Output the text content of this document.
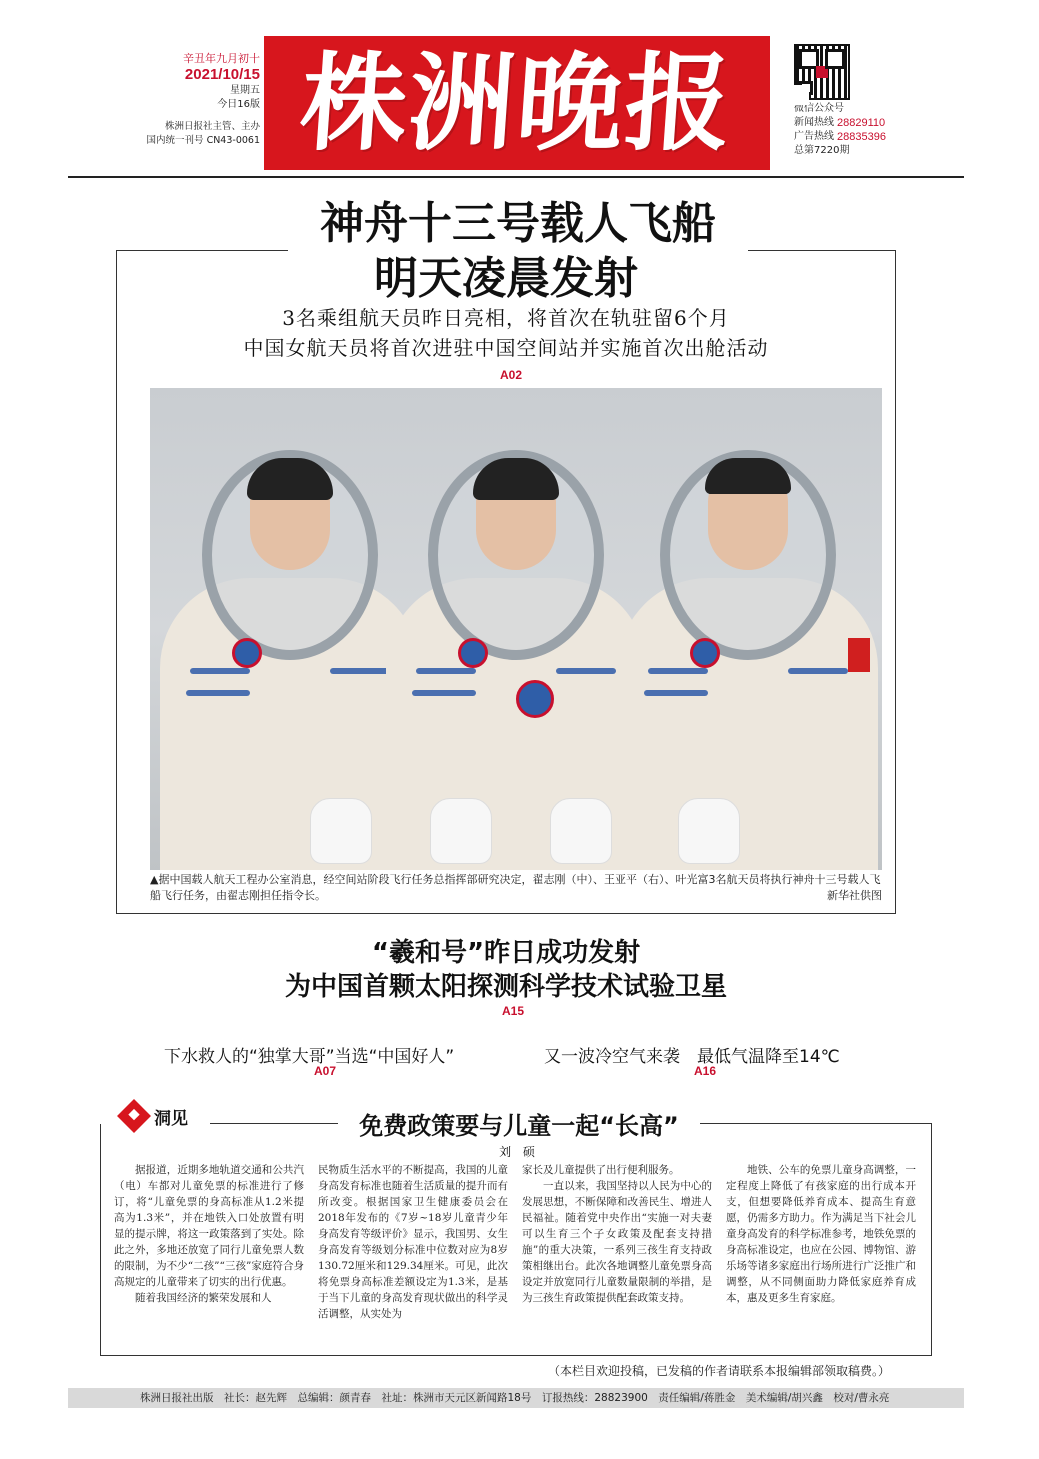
辛丑年九月初十
2021/10/15
星期五
今日16版
株洲日报社主管、主办
国内统一刊号 CN43-0061 株洲晚报	微信公众号
新闻热线 28829110
广告热线 28835396
总第7220期
神舟十三号载人飞船
明天凌晨发射
3名乘组航天员昨日亮相，将首次在轨驻留6个月
中国女航天员将首次进驻中国空间站并实施首次出舱活动
A02
▲据中国载人航天工程办公室消息，经空间站阶段飞行任务总指挥部研究决定，翟志刚（中）、王亚平（右）、叶光富3名航天员将执行神舟十三号载人飞船飞行任务，由翟志刚担任指令长。	新华社供图
“羲和号”昨日成功发射
为中国首颗太阳探测科学技术试验卫星
A15
下水救人的“独掌大哥”当选“中国好人”
A07
又一波冷空气来袭　最低气温降至14℃
A16
洞见	免费政策要与儿童一起“长高”
刘 硕

据报道，近期多地轨道交通和公共汽（电）车都对儿童免票的标准进行了修订，将“儿童免票的身高标准从1.2米提高为1.3米”，并在地铁入口处放置有明显的提示牌，将这一政策落到了实处。除此之外，多地还放宽了同行儿童免票人数的限制，为不少“二孩”“三孩”家庭符合身高规定的儿童带来了切实的出行优惠。

随着我国经济的繁荣发展和人

民物质生活水平的不断提高，我国的儿童身高发育标准也随着生活质量的提升而有所改变。根据国家卫生健康委员会在2018年发布的《7岁~18岁儿童青少年身高发育等级评价》显示，我国男、女生身高发育等级划分标准中位数对应为8岁130.72厘米和129.34厘米。可见，此次将免票身高标准差额设定为1.3米，是基于当下儿童的身高发育现状做出的科学灵活调整，从实处为

家长及儿童提供了出行便利服务。

一直以来，我国坚持以人民为中心的发展思想，不断保障和改善民生、增进人民福祉。随着党中央作出“实施一对夫妻可以生育三个子女政策及配套支持措施”的重大决策，一系列三孩生育支持政策相继出台。此次各地调整儿童免票身高设定并放宽同行儿童数量限制的举措，是为三孩生育政策提供配套政策支持。

地铁、公车的免票儿童身高调整，一定程度上降低了有孩家庭的出行成本开支，但想要降低养育成本、提高生育意愿，仍需多方助力。作为满足当下社会儿童身高发育的科学标准参考，地铁免票的身高标准设定，也应在公园、博物馆、游乐场等诸多家庭出行场所进行广泛推广和调整，从不同侧面助力降低家庭养育成本，惠及更多生育家庭。

（本栏目欢迎投稿，已发稿的作者请联系本报编辑部领取稿费。）
株洲日报社出版　社长：赵先辉　总编辑：颜青春　社址：株洲市天元区新闻路18号　订报热线：28823900　责任编辑/蒋胜金　美术编辑/胡兴鑫　校对/曹永亮
